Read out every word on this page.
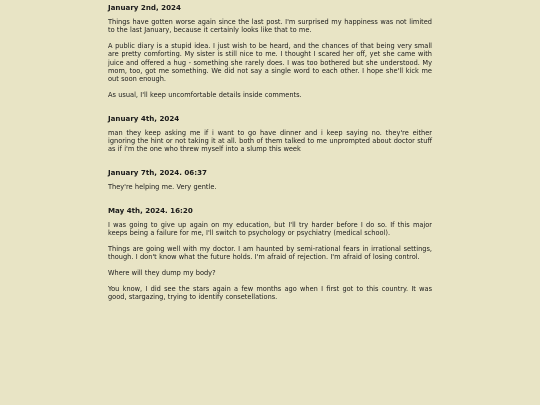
January 2nd, 2024

Things have gotten worse again since the last post. I'm surprised my happiness was not limited to the last January, because it certainly looks like that to me.

A public diary is a stupid idea. I just wish to be heard, and the chances of that being very small are pretty comforting. My sister is still nice to me. I thought I scared her off, yet she came with juice and offered a hug - something she rarely does. I was too bothered but she understood. My mom, too, got me something. We did not say a single word to each other. I hope she'll kick me out soon enough.

As usual, I'll keep uncomfortable details inside comments.

January 4th, 2024

man they keep asking me if i want to go have dinner and i keep saying no. they're either ignoring the hint or not taking it at all. both of them talked to me unprompted about doctor stuff as if i'm the one who threw myself into a slump this week

January 7th, 2024. 06:37

They're helping me. Very gentle.

May 4th, 2024. 16:20

I was going to give up again on my education, but I'll try harder before I do so. If this major keeps being a failure for me, I'll switch to psychology or psychiatry (medical school).

Things are going well with my doctor. I am haunted by semi-rational fears in irrational settings, though. I don't know what the future holds. I'm afraid of rejection. I'm afraid of losing control.

Where will they dump my body?

You know, I did see the stars again a few months ago when I first got to this country. It was good, stargazing, trying to identify consetellations.
